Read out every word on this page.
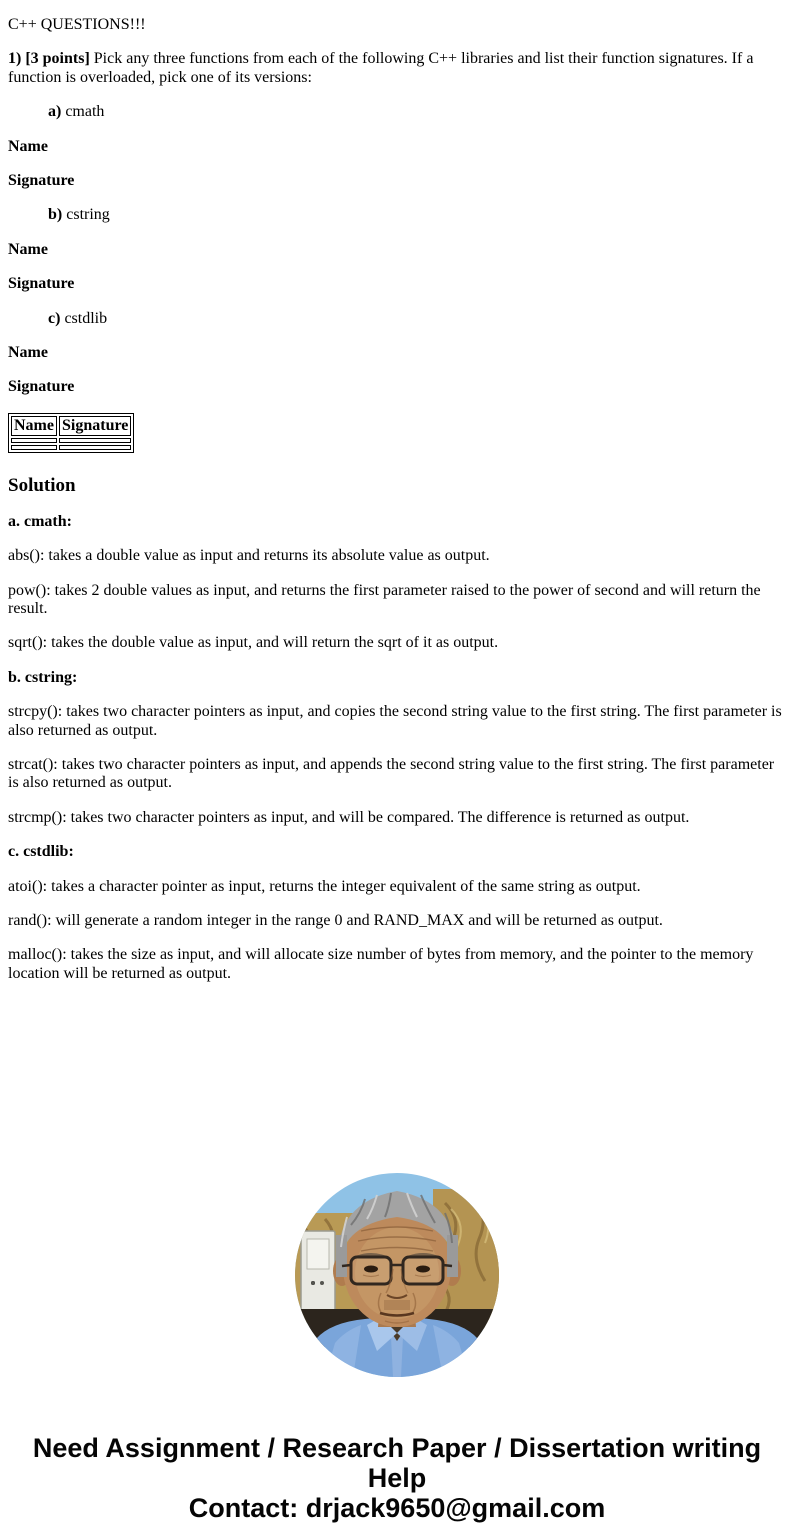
C++ QUESTIONS!!!

1) [3 points] Pick any three functions from each of the following C++ libraries and list their function signatures. If a function is overloaded, pick one of its versions:

a) cmath

Name

Signature

b) cstring

Name

Signature

c) cstdlib

Name

Signature

Name	Signature

Solution

a. cmath:

abs(): takes a double value as input and returns its absolute value as output.

pow(): takes 2 double values as input, and returns the first parameter raised to the power of second and will return the result.

sqrt(): takes the double value as input, and will return the sqrt of it as output.

b. cstring:

strcpy(): takes two character pointers as input, and copies the second string value to the first string. The first parameter is also returned as output.

strcat(): takes two character pointers as input, and appends the second string value to the first string. The first parameter is also returned as output.

strcmp(): takes two character pointers as input, and will be compared. The difference is returned as output.

c. cstdlib:

atoi(): takes a character pointer as input, returns the integer equivalent of the same string as output.

rand(): will generate a random integer in the range 0 and RAND_MAX and will be returned as output.

malloc(): takes the size as input, and will allocate size number of bytes from memory, and the pointer to the memory location will be returned as output.

Need Assignment / Research Paper / Dissertation writing Help
Contact: drjack9650@gmail.com
